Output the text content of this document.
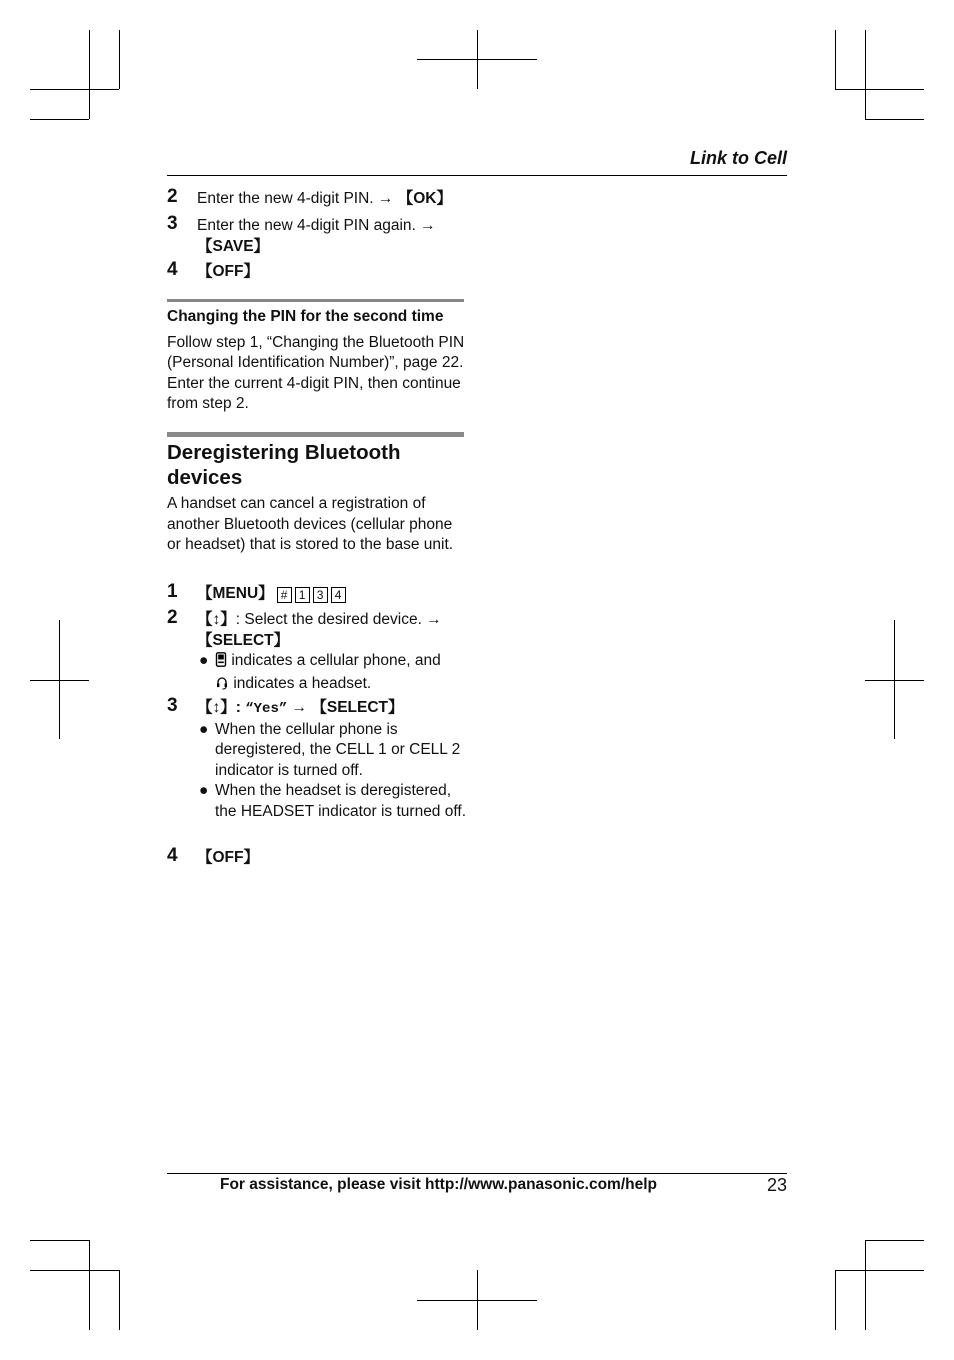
Link to Cell
2 Enter the new 4-digit PIN. → 【OK】
3 Enter the new 4-digit PIN again. →
【SAVE】
4 【OFF】
Changing the PIN for the second time
Follow step 1, “Changing the Bluetooth PIN (Personal Identification Number)”, page 22. Enter the current 4-digit PIN, then continue from step 2.
Deregistering Bluetooth
devices
A handset can cancel a registration of another Bluetooth devices (cellular phone or headset) that is stored to the base unit.
1 【MENU】 # 1 3 4
2 【↕】: Select the desired device. →
【SELECT】
● indicates a cellular phone, and
indicates a headset.
3 【↕】: “Yes” → 【SELECT】
● When the cellular phone is deregistered, the CELL 1 or CELL 2 indicator is turned off.
● When the headset is deregistered, the HEADSET indicator is turned off.
4 【OFF】
For assistance, please visit http://www.panasonic.com/help	23
